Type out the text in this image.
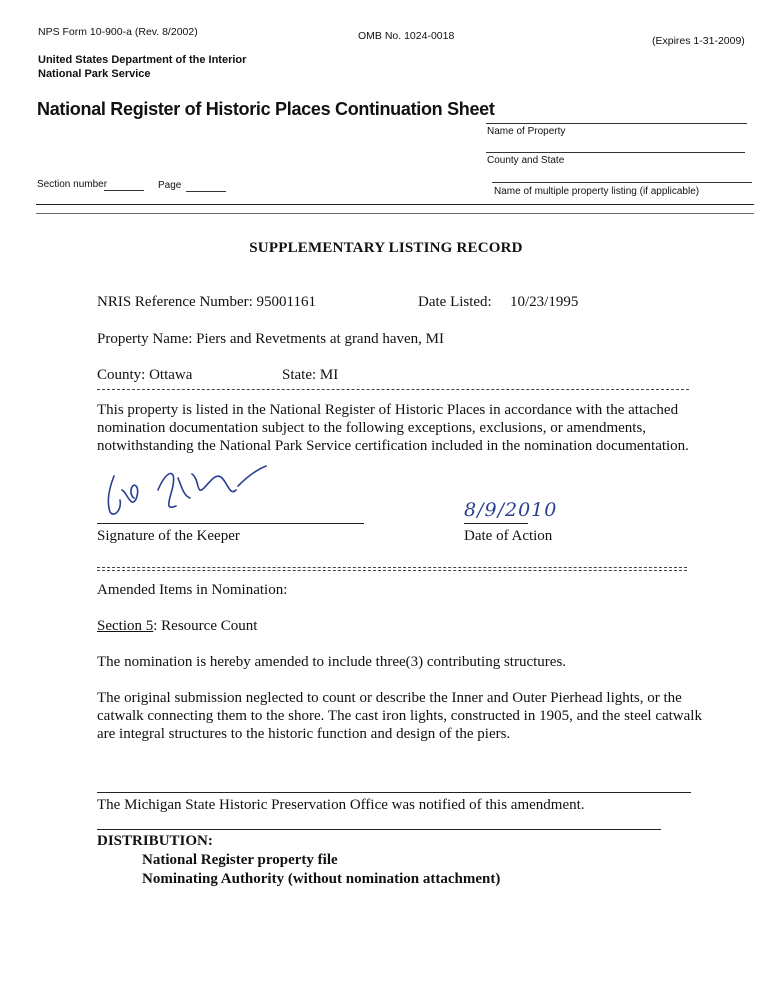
NPS Form 10-900-a (Rev. 8/2002)	OMB No. 1024-0018	(Expires 1-31-2009)
United States Department of the Interior
National Park Service
National Register of Historic Places Continuation Sheet
Name of Property
County and State
Name of multiple property listing (if applicable)
Section number	Page
SUPPLEMENTARY LISTING RECORD
NRIS Reference Number: 95001161	Date Listed: 10/23/1995
Property Name: Piers and Revetments at grand haven, MI
County: Ottawa	State: MI
This property is listed in the National Register of Historic Places in accordance with the attached nomination documentation subject to the following exceptions, exclusions, or amendments, notwithstanding the National Park Service certification included in the nomination documentation.
Signature of the Keeper
8/9/2010
Date of Action
Amended Items in Nomination:
Section 5: Resource Count
The nomination is hereby amended to include three(3) contributing structures.
The original submission neglected to count or describe the Inner and Outer Pierhead lights, or the catwalk connecting them to the shore. The cast iron lights, constructed in 1905, and the steel catwalk are integral structures to the historic function and design of the piers.
The Michigan State Historic Preservation Office was notified of this amendment.
DISTRIBUTION:
National Register property file
Nominating Authority (without nomination attachment)
